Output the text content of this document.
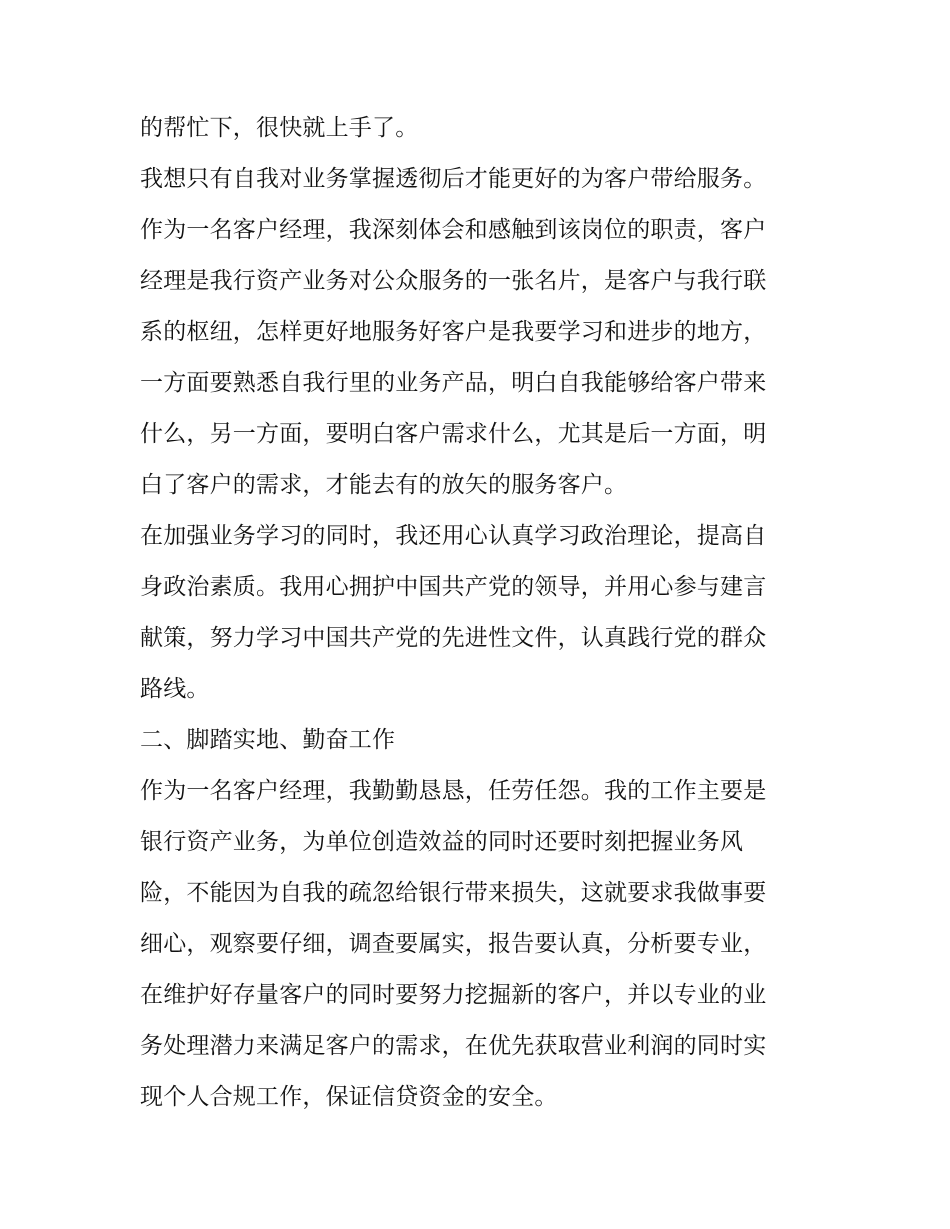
的帮忙下，很快就上手了。
我想只有自我对业务掌握透彻后才能更好的为客户带给服务。
作为一名客户经理，我深刻体会和感触到该岗位的职责，客户
经理是我行资产业务对公众服务的一张名片，是客户与我行联
系的枢纽，怎样更好地服务好客户是我要学习和进步的地方，
一方面要熟悉自我行里的业务产品，明白自我能够给客户带来
什么，另一方面，要明白客户需求什么，尤其是后一方面，明
白了客户的需求，才能去有的放矢的服务客户。
在加强业务学习的同时，我还用心认真学习政治理论，提高自
身政治素质。我用心拥护中国共产党的领导，并用心参与建言
献策，努力学习中国共产党的先进性文件，认真践行党的群众
路线。
二、脚踏实地、勤奋工作
作为一名客户经理，我勤勤恳恳，任劳任怨。我的工作主要是
银行资产业务，为单位创造效益的同时还要时刻把握业务风
险，不能因为自我的疏忽给银行带来损失，这就要求我做事要
细心，观察要仔细，调查要属实，报告要认真，分析要专业，
在维护好存量客户的同时要努力挖掘新的客户，并以专业的业
务处理潜力来满足客户的需求，在优先获取营业利润的同时实
现个人合规工作，保证信贷资金的安全。
